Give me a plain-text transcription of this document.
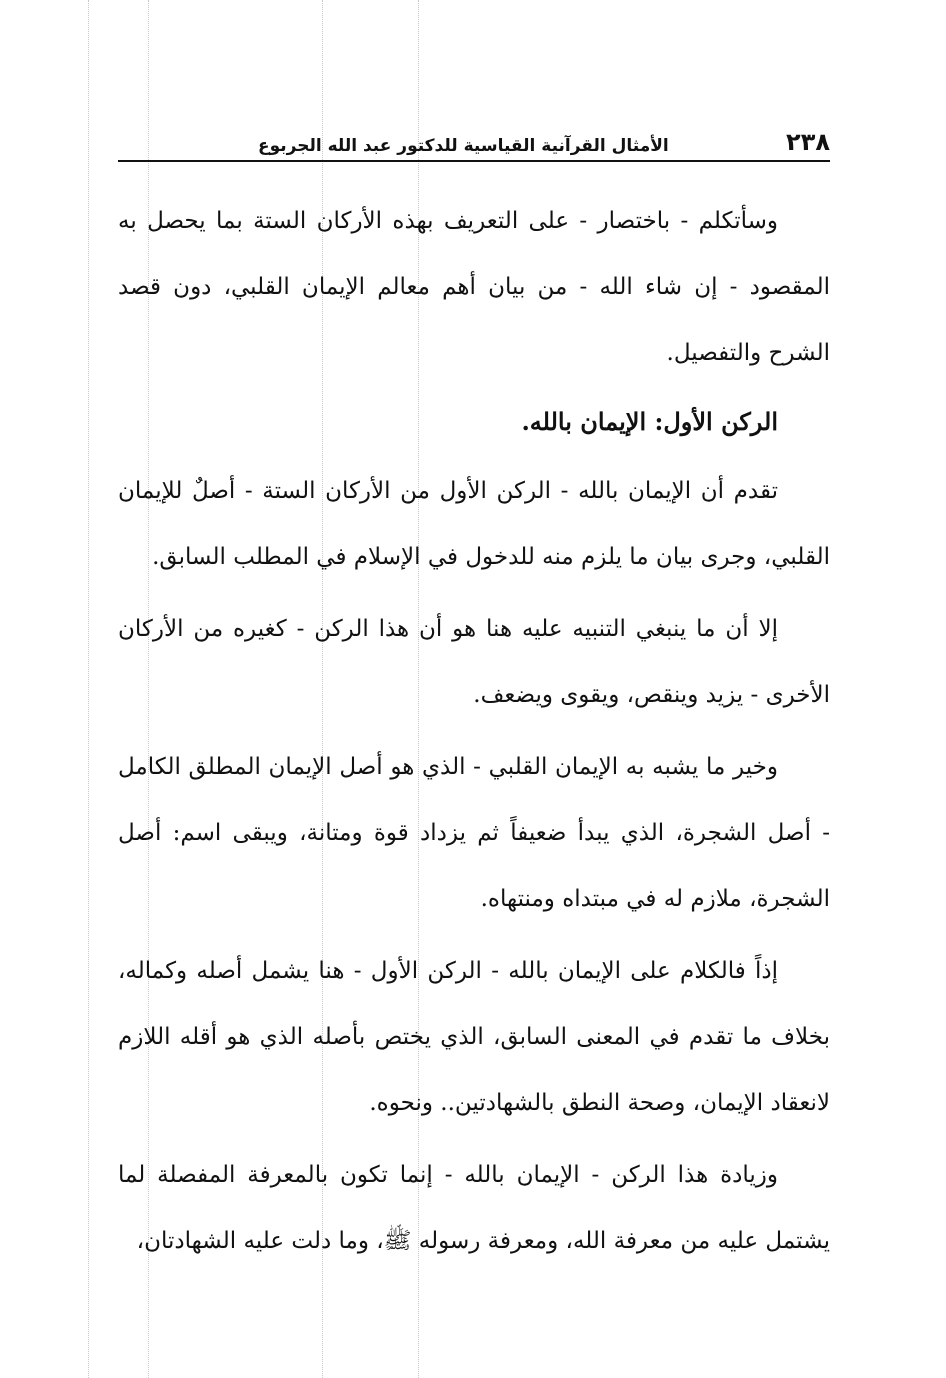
٢٣٨
الأمثال القرآنية القياسية للدكتور عبد الله الجربوع

وسأتكلم - باختصار - على التعريف بهذه الأركان الستة بما يحصل به المقصود - إن شاء الله - من بيان أهم معالم الإيمان القلبي، دون قصد الشرح والتفصيل.

الركن الأول: الإيمان بالله.

تقدم أن الإيمان بالله - الركن الأول من الأركان الستة - أصلٌ للإيمان القلبي، وجرى بيان ما يلزم منه للدخول في الإسلام في المطلب السابق.

إلا أن ما ينبغي التنبيه عليه هنا هو أن هذا الركن - كغيره من الأركان الأخرى - يزيد وينقص، ويقوى ويضعف.

وخير ما يشبه به الإيمان القلبي - الذي هو أصل الإيمان المطلق الكامل - أصل الشجرة، الذي يبدأ ضعيفاً ثم يزداد قوة ومتانة، ويبقى اسم: أصل الشجرة، ملازم له في مبتداه ومنتهاه.

إذاً فالكلام على الإيمان بالله - الركن الأول - هنا يشمل أصله وكماله، بخلاف ما تقدم في المعنى السابق، الذي يختص بأصله الذي هو أقله اللازم لانعقاد الإيمان، وصحة النطق بالشهادتين.. ونحوه.

وزيادة هذا الركن - الإيمان بالله - إنما تكون بالمعرفة المفصلة لما يشتمل عليه من معرفة الله، ومعرفة رسوله ﷺ، وما دلت عليه الشهادتان،
